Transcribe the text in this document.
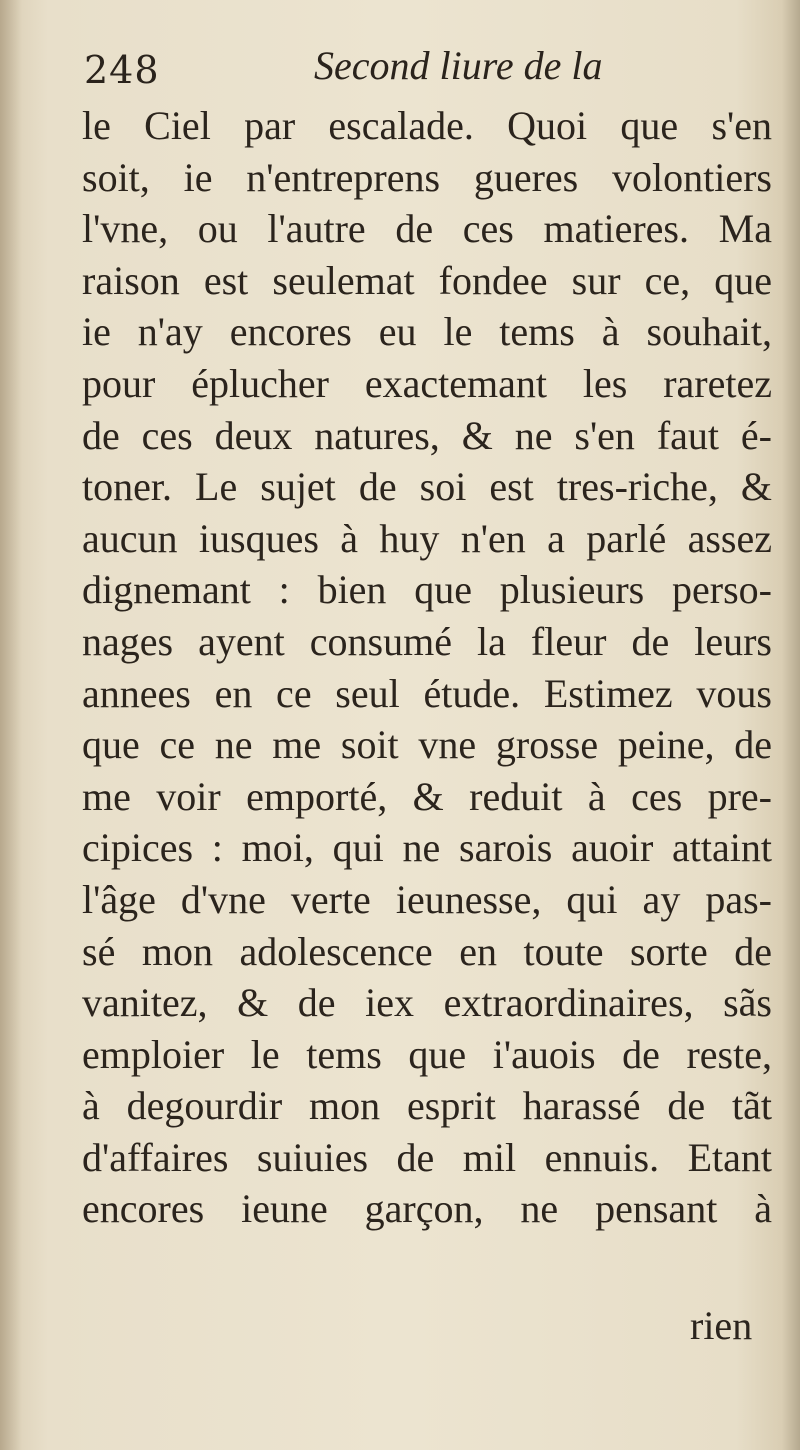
248	Second liure de la
le Ciel par escalade. Quoi que s'en
soit, ie n'entreprens gueres volontiers
l'vne, ou l'autre de ces matieres. Ma
raison est seulemat fondee sur ce, que
ie n'ay encores eu le tems à souhait,
pour éplucher exactemant les raretez
de ces deux natures, & ne s'en faut é-
toner. Le sujet de soi est tres-riche, &
aucun iusques à huy n'en a parlé assez
dignemant : bien que plusieurs perso-
nages ayent consumé la fleur de leurs
annees en ce seul étude. Estimez vous
que ce ne me soit vne grosse peine, de
me voir emporté, & reduit à ces pre-
cipices : moi, qui ne sarois auoir attaint
l'âge d'vne verte ieunesse, qui ay pas-
sé mon adolescence en toute sorte de
vanitez, & de iex extraordinaires, sãs
emploier le tems que i'auois de reste,
à degourdir mon esprit harassé de tãt
d'affaires suiuies de mil ennuis. Etant
encores ieune garçon, ne pensant à
rien
